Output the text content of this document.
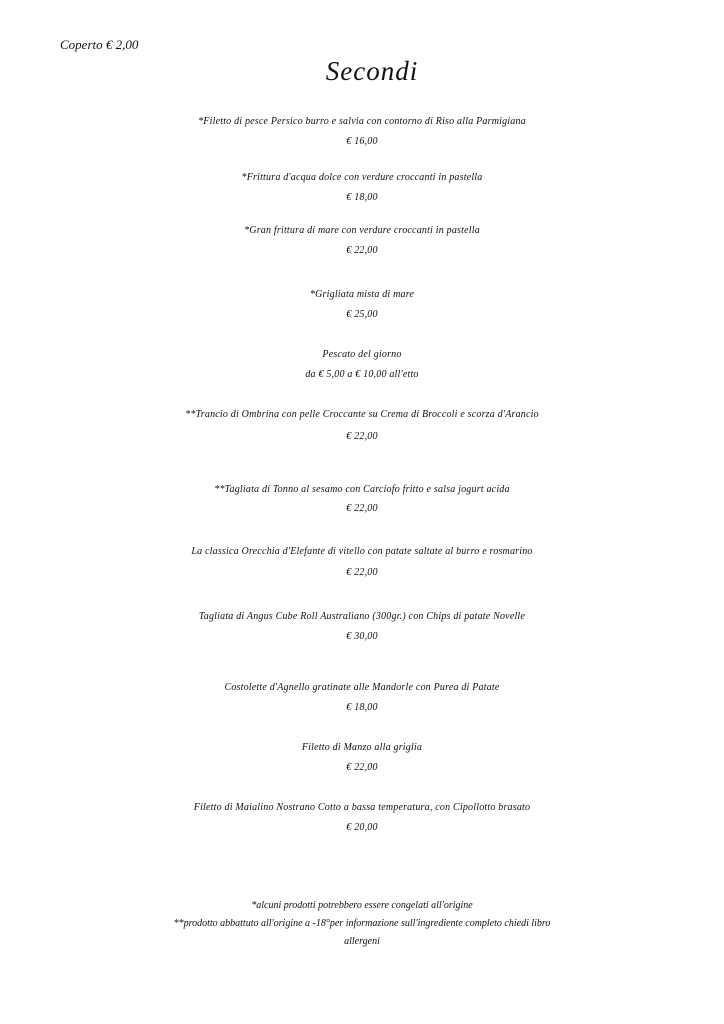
Coperto € 2,00
Secondi
*Filetto di pesce Persico burro e salvia con contorno di Riso alla Parmigiana
€ 16,00
*Frittura d'acqua dolce con verdure croccanti in pastella
€ 18,00
*Gran frittura di mare con verdure croccanti in pastella
€ 22,00
*Grigliata mista di mare
€ 25,00
Pescato del giorno
da € 5,00 a € 10,00 all'etto
**Trancio di Ombrina con pelle Croccante su Crema di Broccoli e scorza d'Arancio
€ 22,00
**Tagliata di Tonno al sesamo con Carciofo fritto e salsa jogurt acida
€ 22,00
La classica Orecchia d'Elefante di vitello con patate saltate al burro e rosmarino
€ 22,00
Tagliata di Angus Cube Roll Australiano (300gr.) con Chips di patate Novelle
€ 30,00
Costolette d'Agnello gratinate alle Mandorle con Purea di Patate
€ 18,00
Filetto di Manzo alla griglia
€ 22,00
Filetto di Maialino Nostrano Cotto a bassa temperatura, con Cipollotto brasato
€ 20,00
*alcuni prodotti potrebbero essere congelati all'origine
**prodotto abbattuto all'origine a -18°per informazione sull'ingrediente completo chiedi libro
allergeni
